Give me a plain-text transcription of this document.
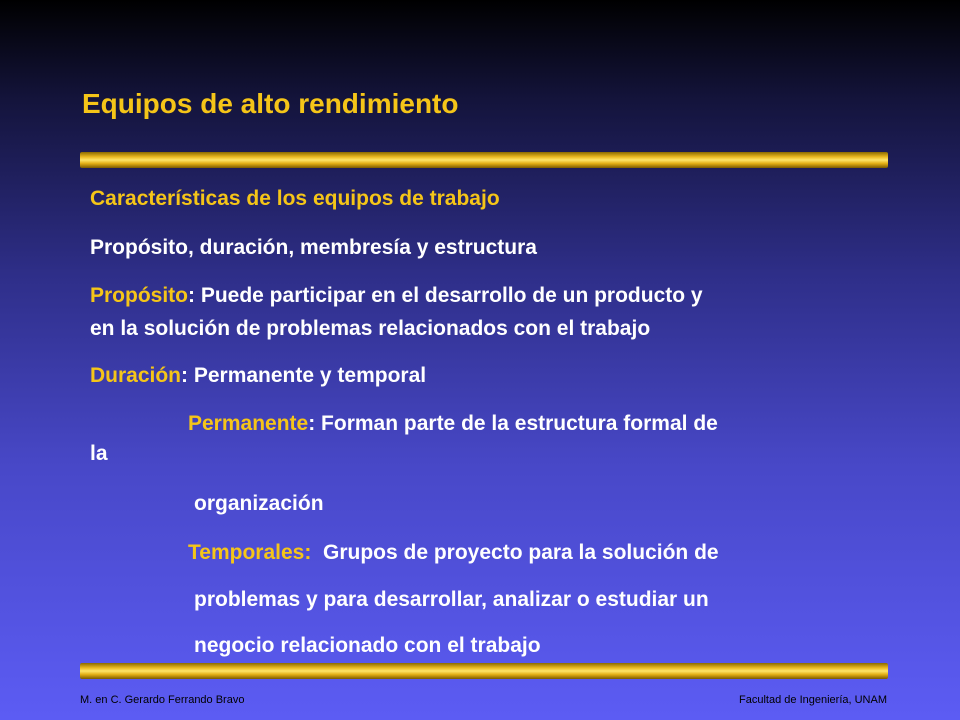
Equipos de alto rendimiento
Características de los equipos de trabajo
Propósito, duración, membresía y estructura
Propósito: Puede participar en el desarrollo de un producto y
en la solución de problemas relacionados con el trabajo
Duración: Permanente y temporal
Permanente: Forman parte de la estructura formal de
la
organización
Temporales: Grupos de proyecto para la solución de
problemas y para desarrollar, analizar o estudiar un
negocio relacionado con el trabajo
M. en C. Gerardo Ferrando Bravo	Facultad de Ingeniería, UNAM
